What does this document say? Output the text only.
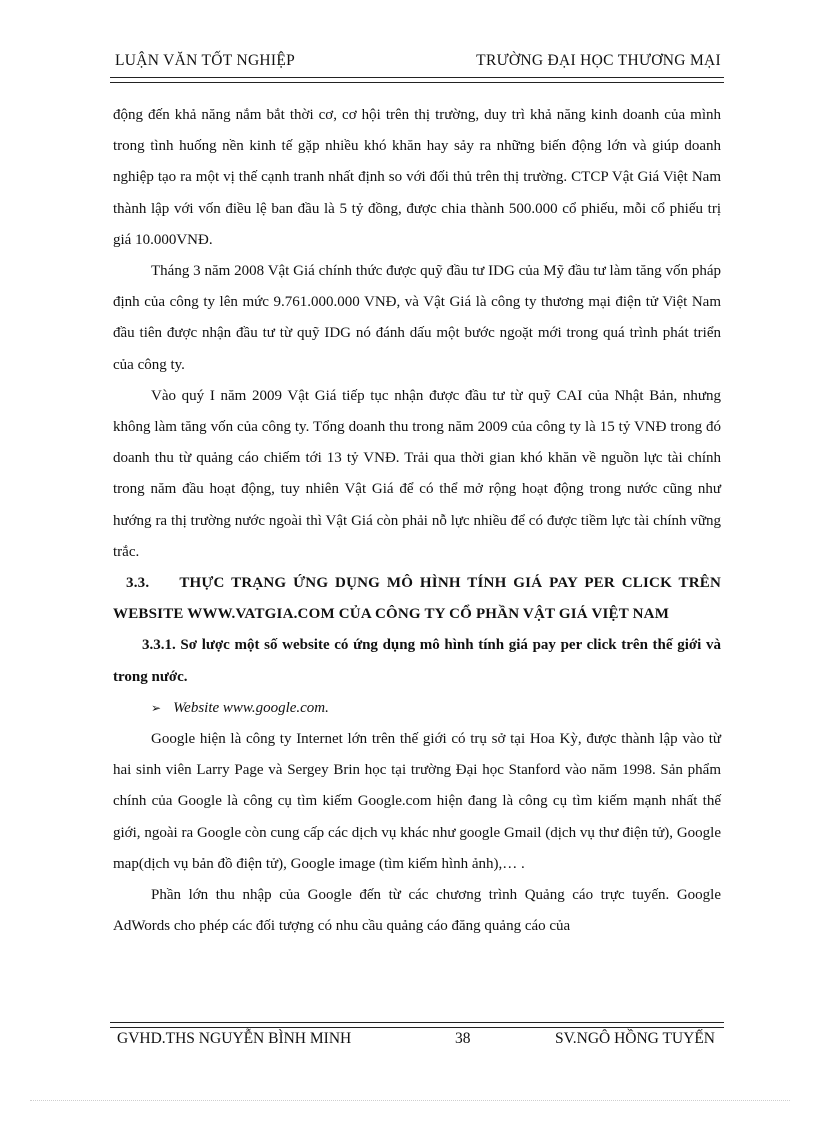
LUẬN VĂN TỐT NGHIỆP	TRƯỜNG ĐẠI HỌC THƯƠNG MẠI

động đến khả năng nắm bắt thời cơ, cơ hội trên thị trường, duy trì khả năng kinh doanh của mình trong tình huống nền kinh tế gặp nhiều khó khăn hay sảy ra những biến động lớn và giúp doanh nghiệp tạo ra một vị thế cạnh tranh nhất định so với đối thủ trên thị trường. CTCP Vật Giá Việt Nam thành lập với vốn điều lệ ban đầu là 5 tỷ đồng, được chia thành 500.000 cổ phiếu, mỗi cổ phiếu trị giá 10.000VNĐ.

Tháng 3 năm 2008 Vật Giá chính thức được quỹ đầu tư IDG của Mỹ đầu tư làm tăng vốn pháp định của công ty lên mức 9.761.000.000 VNĐ, và Vật Giá là công ty thương mại điện tử Việt Nam đầu tiên được nhận đầu tư từ quỹ IDG nó đánh dấu một bước ngoặt mới trong quá trình phát triển của công ty.

Vào quý I năm 2009 Vật Giá tiếp tục nhận được đầu tư từ quỹ CAI của Nhật Bản, nhưng không làm tăng vốn của công ty. Tổng doanh thu trong năm 2009 của công ty là 15 tỷ VNĐ trong đó doanh thu từ quảng cáo chiếm tới 13 tỷ VNĐ. Trải qua thời gian khó khăn về nguồn lực tài chính trong năm đầu hoạt động, tuy nhiên Vật Giá để có thể mở rộng hoạt động trong nước cũng như hướng ra thị trường nước ngoài thì Vật Giá còn phải nỗ lực nhiều để có được tiềm lực tài chính vững trắc.

3.3. THỰC TRẠNG ỨNG DỤNG MÔ HÌNH TÍNH GIÁ PAY PER CLICK TRÊN WEBSITE WWW.VATGIA.COM CỦA CÔNG TY CỔ PHẦN VẬT GIÁ VIỆT NAM

3.3.1. Sơ lược một số website có ứng dụng mô hình tính giá pay per click trên thế giới và trong nước.

➢ Website www.google.com.

Google hiện là công ty Internet lớn trên thế giới có trụ sở tại Hoa Kỳ, được thành lập vào từ hai sinh viên Larry Page và Sergey Brin học tại trường Đại học Stanford vào năm 1998. Sản phẩm chính của Google là công cụ tìm kiếm Google.com hiện đang là công cụ tìm kiếm mạnh nhất thế giới, ngoài ra Google còn cung cấp các dịch vụ khác như google Gmail (dịch vụ thư điện tử), Google map(dịch vụ bản đồ điện tử), Google image (tìm kiếm hình ảnh),… .

Phần lớn thu nhập của Google đến từ các chương trình Quảng cáo trực tuyến. Google AdWords cho phép các đối tượng có nhu cầu quảng cáo đăng quảng cáo của

GVHD.THS NGUYỄN BÌNH MINH	38	SV.NGÔ HỒNG TUYẾN
